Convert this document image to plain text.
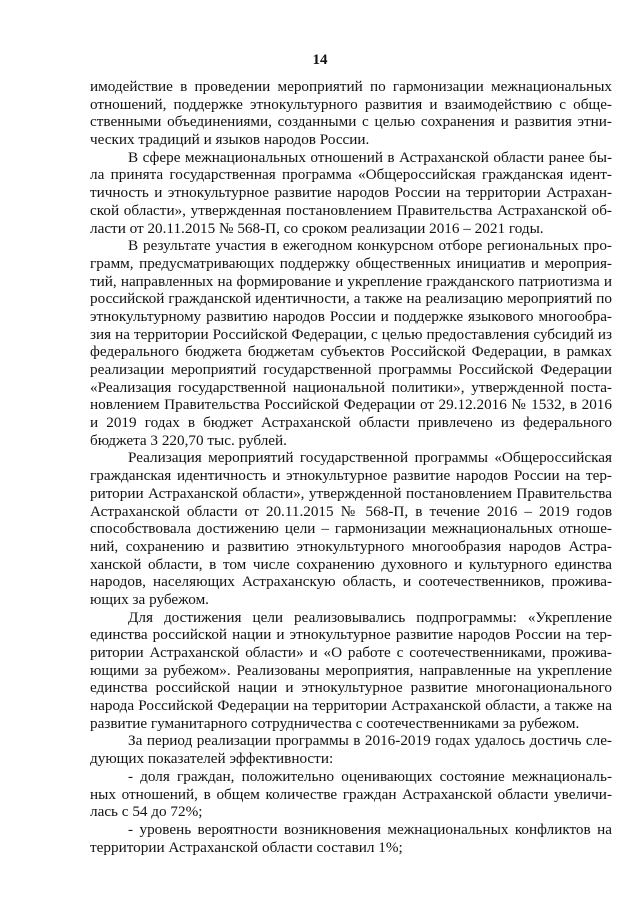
14
имодействие в проведении мероприятий по гармонизации межнациональных
отношений, поддержке этнокультурного развития и взаимодействию с обще-
ственными объединениями, созданными с целью сохранения и развития этни-
ческих традиций и языков народов России.
В сфере межнациональных отношений в Астраханской области ранее бы-
ла принята государственная программа «Общероссийская гражданская идент-
тичность и этнокультурное развитие народов России на территории Астрахан-
ской области», утвержденная постановлением Правительства Астраханской об-
ласти от 20.11.2015 № 568-П, со сроком реализации 2016 – 2021 годы.
В результате участия в ежегодном конкурсном отборе региональных про-
грамм, предусматривающих поддержку общественных инициатив и мероприя-
тий, направленных на формирование и укрепление гражданского патриотизма и
российской гражданской идентичности, а также на реализацию мероприятий по
этнокультурному развитию народов России и поддержке языкового многообра-
зия на территории Российской Федерации, с целью предоставления субсидий из
федерального бюджета бюджетам субъектов Российской Федерации, в рамках
реализации мероприятий государственной программы Российской Федерации
«Реализация государственной национальной политики», утвержденной поста-
новлением Правительства Российской Федерации от 29.12.2016 № 1532, в 2016
и 2019 годах в бюджет Астраханской области привлечено из федерального
бюджета 3 220,70 тыс. рублей.
Реализация мероприятий государственной программы «Общероссийская
гражданская идентичность и этнокультурное развитие народов России на тер-
ритории Астраханской области», утвержденной постановлением Правительства
Астраханской области от 20.11.2015 № 568-П, в течение 2016 – 2019 годов
способствовала достижению цели – гармонизации межнациональных отноше-
ний, сохранению и развитию этнокультурного многообразия народов Астра-
ханской области, в том числе сохранению духовного и культурного единства
народов, населяющих Астраханскую область, и соотечественников, прожива-
ющих за рубежом.
Для достижения цели реализовывались подпрограммы: «Укрепление
единства российской нации и этнокультурное развитие народов России на тер-
ритории Астраханской области» и «О работе с соотечественниками, прожива-
ющими за рубежом». Реализованы мероприятия, направленные на укрепление
единства российской нации и этнокультурное развитие многонационального
народа Российской Федерации на территории Астраханской области, а также на
развитие гуманитарного сотрудничества с соотечественниками за рубежом.
За период реализации программы в 2016-2019 годах удалось достичь сле-
дующих показателей эффективности:
- доля граждан, положительно оценивающих состояние межнациональ-
ных отношений, в общем количестве граждан Астраханской области увеличи-
лась с 54 до 72%;
- уровень вероятности возникновения межнациональных конфликтов на
территории Астраханской области составил 1%;
